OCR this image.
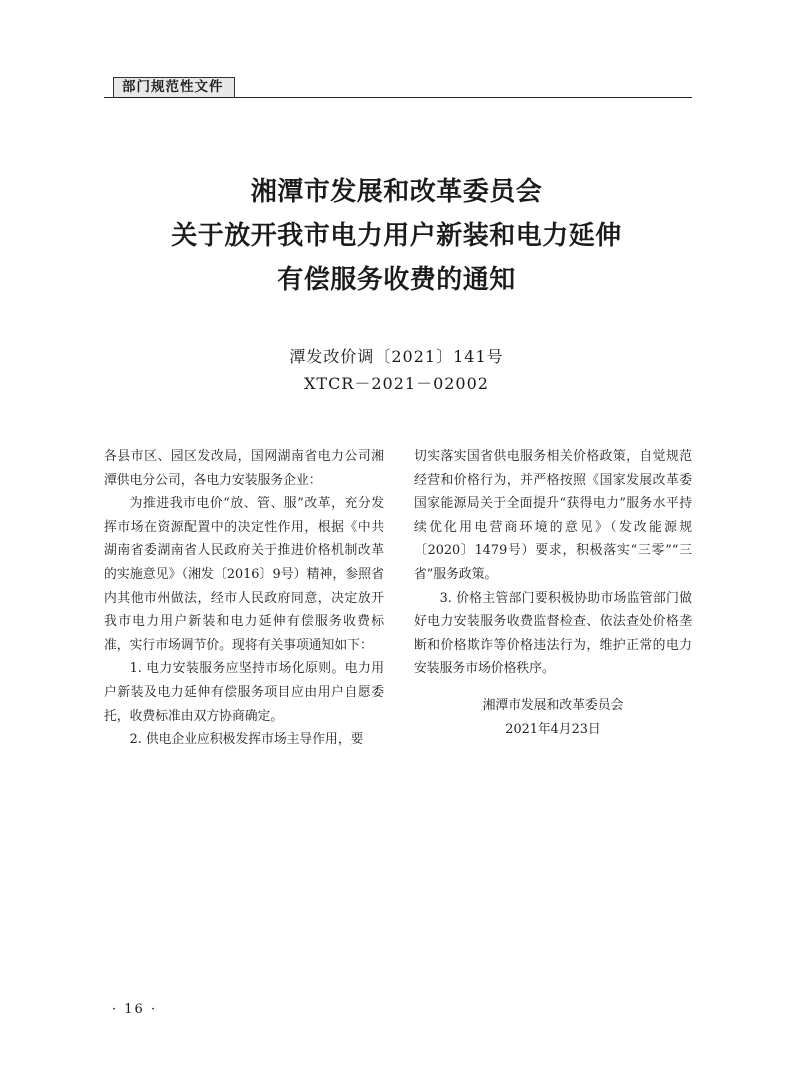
部门规范性文件
湘潭市发展和改革委员会
关于放开我市电力用户新装和电力延伸
有偿服务收费的通知
潭发改价调〔2021〕141号
XTCR－2021－02002

各县市区、园区发改局，国网湖南省电力公司湘潭供电分公司，各电力安装服务企业：

为推进我市电价“放、管、服”改革，充分发挥市场在资源配置中的决定性作用，根据《中共湖南省委湖南省人民政府关于推进价格机制改革的实施意见》（湘发〔2016〕9号）精神，参照省内其他市州做法，经市人民政府同意，决定放开我市电力用户新装和电力延伸有偿服务收费标准，实行市场调节价。现将有关事项通知如下：

1. 电力安装服务应坚持市场化原则。电力用户新装及电力延伸有偿服务项目应由用户自愿委托，收费标准由双方协商确定。

2. 供电企业应积极发挥市场主导作用，要

切实落实国省供电服务相关价格政策，自觉规范经营和价格行为，并严格按照《国家发展改革委国家能源局关于全面提升“获得电力”服务水平持续优化用电营商环境的意见》（发改能源规〔2020〕1479号）要求，积极落实“三零”“三省”服务政策。

3. 价格主管部门要积极协助市场监管部门做好电力安装服务收费监督检查、依法查处价格垄断和价格欺诈等价格违法行为，维护正常的电力安装服务市场价格秩序。

湘潭市发展和改革委员会
2021年4月23日
· 16 ·
